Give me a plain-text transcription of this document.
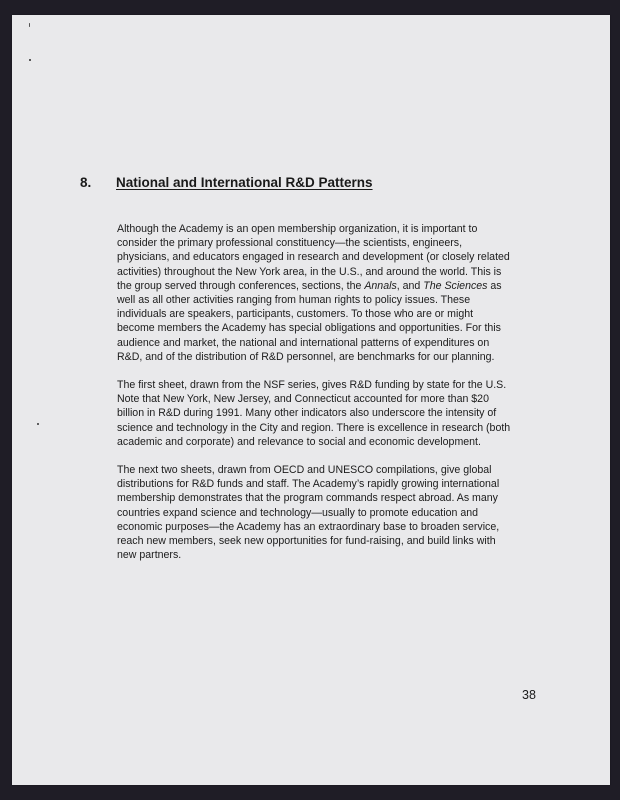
8.	National and International R&D Patterns

Although the Academy is an open membership organization, it is important to
consider the primary professional constituency—the scientists, engineers,
physicians, and educators engaged in research and development (or closely related
activities) throughout the New York area, in the U.S., and around the world. This is
the group served through conferences, sections, the Annals, and The Sciences as
well as all other activities ranging from human rights to policy issues. These
individuals are speakers, participants, customers. To those who are or might
become members the Academy has special obligations and opportunities. For this
audience and market, the national and international patterns of expenditures on
R&D, and of the distribution of R&D personnel, are benchmarks for our planning.

The first sheet, drawn from the NSF series, gives R&D funding by state for the U.S.
Note that New York, New Jersey, and Connecticut accounted for more than $20
billion in R&D during 1991. Many other indicators also underscore the intensity of
science and technology in the City and region. There is excellence in research (both
academic and corporate) and relevance to social and economic development.

The next two sheets, drawn from OECD and UNESCO compilations, give global
distributions for R&D funds and staff. The Academy’s rapidly growing international
membership demonstrates that the program commands respect abroad. As many
countries expand science and technology—usually to promote education and
economic purposes—the Academy has an extraordinary base to broaden service,
reach new members, seek new opportunities for fund-raising, and build links with
new partners.

38
